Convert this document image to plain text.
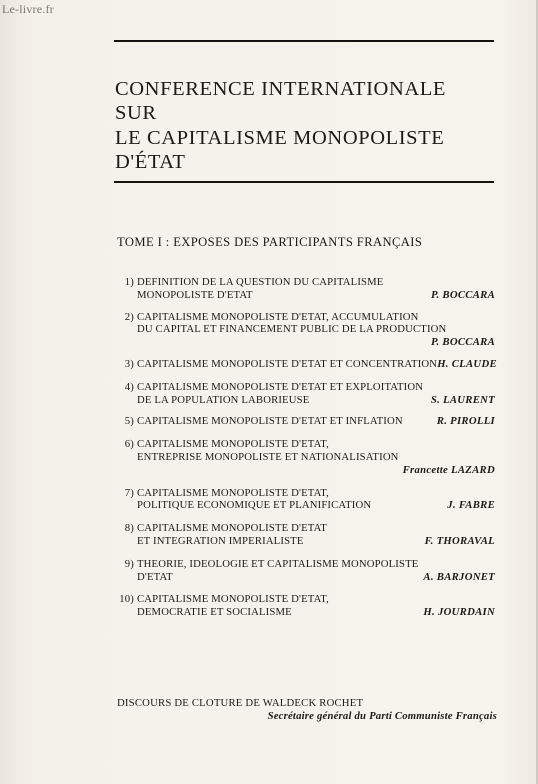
Le-livre.fr
CONFERENCE INTERNATIONALE
SUR
LE CAPITALISME MONOPOLISTE
D'ÉTAT
TOME I : EXPOSES DES PARTICIPANTS FRANÇAIS
1) DEFINITION DE LA QUESTION DU CAPITALISME
MONOPOLISTE D'ETAT	P. BOCCARA
2) CAPITALISME MONOPOLISTE D'ETAT, ACCUMULATION
DU CAPITAL ET FINANCEMENT PUBLIC DE LA PRODUCTION
P. BOCCARA
3) CAPITALISME MONOPOLISTE D'ETAT ET CONCENTRATION H. CLAUDE
4) CAPITALISME MONOPOLISTE D'ETAT ET EXPLOITATION
DE LA POPULATION LABORIEUSE	S. LAURENT
5) CAPITALISME MONOPOLISTE D'ETAT ET INFLATION	R. PIROLLI
6) CAPITALISME MONOPOLISTE D'ETAT,
ENTREPRISE MONOPOLISTE ET NATIONALISATION
Francette LAZARD
7) CAPITALISME MONOPOLISTE D'ETAT,
POLITIQUE ECONOMIQUE ET PLANIFICATION	J. FABRE
8) CAPITALISME MONOPOLISTE D'ETAT
ET INTEGRATION IMPERIALISTE	F. THORAVAL
9) THEORIE, IDEOLOGIE ET CAPITALISME MONOPOLISTE
D'ETAT	A. BARJONET
10) CAPITALISME MONOPOLISTE D'ETAT,
DEMOCRATIE ET SOCIALISME	H. JOURDAIN
DISCOURS DE CLOTURE DE WALDECK ROCHET
Secrétaire général du Parti Communiste Français
